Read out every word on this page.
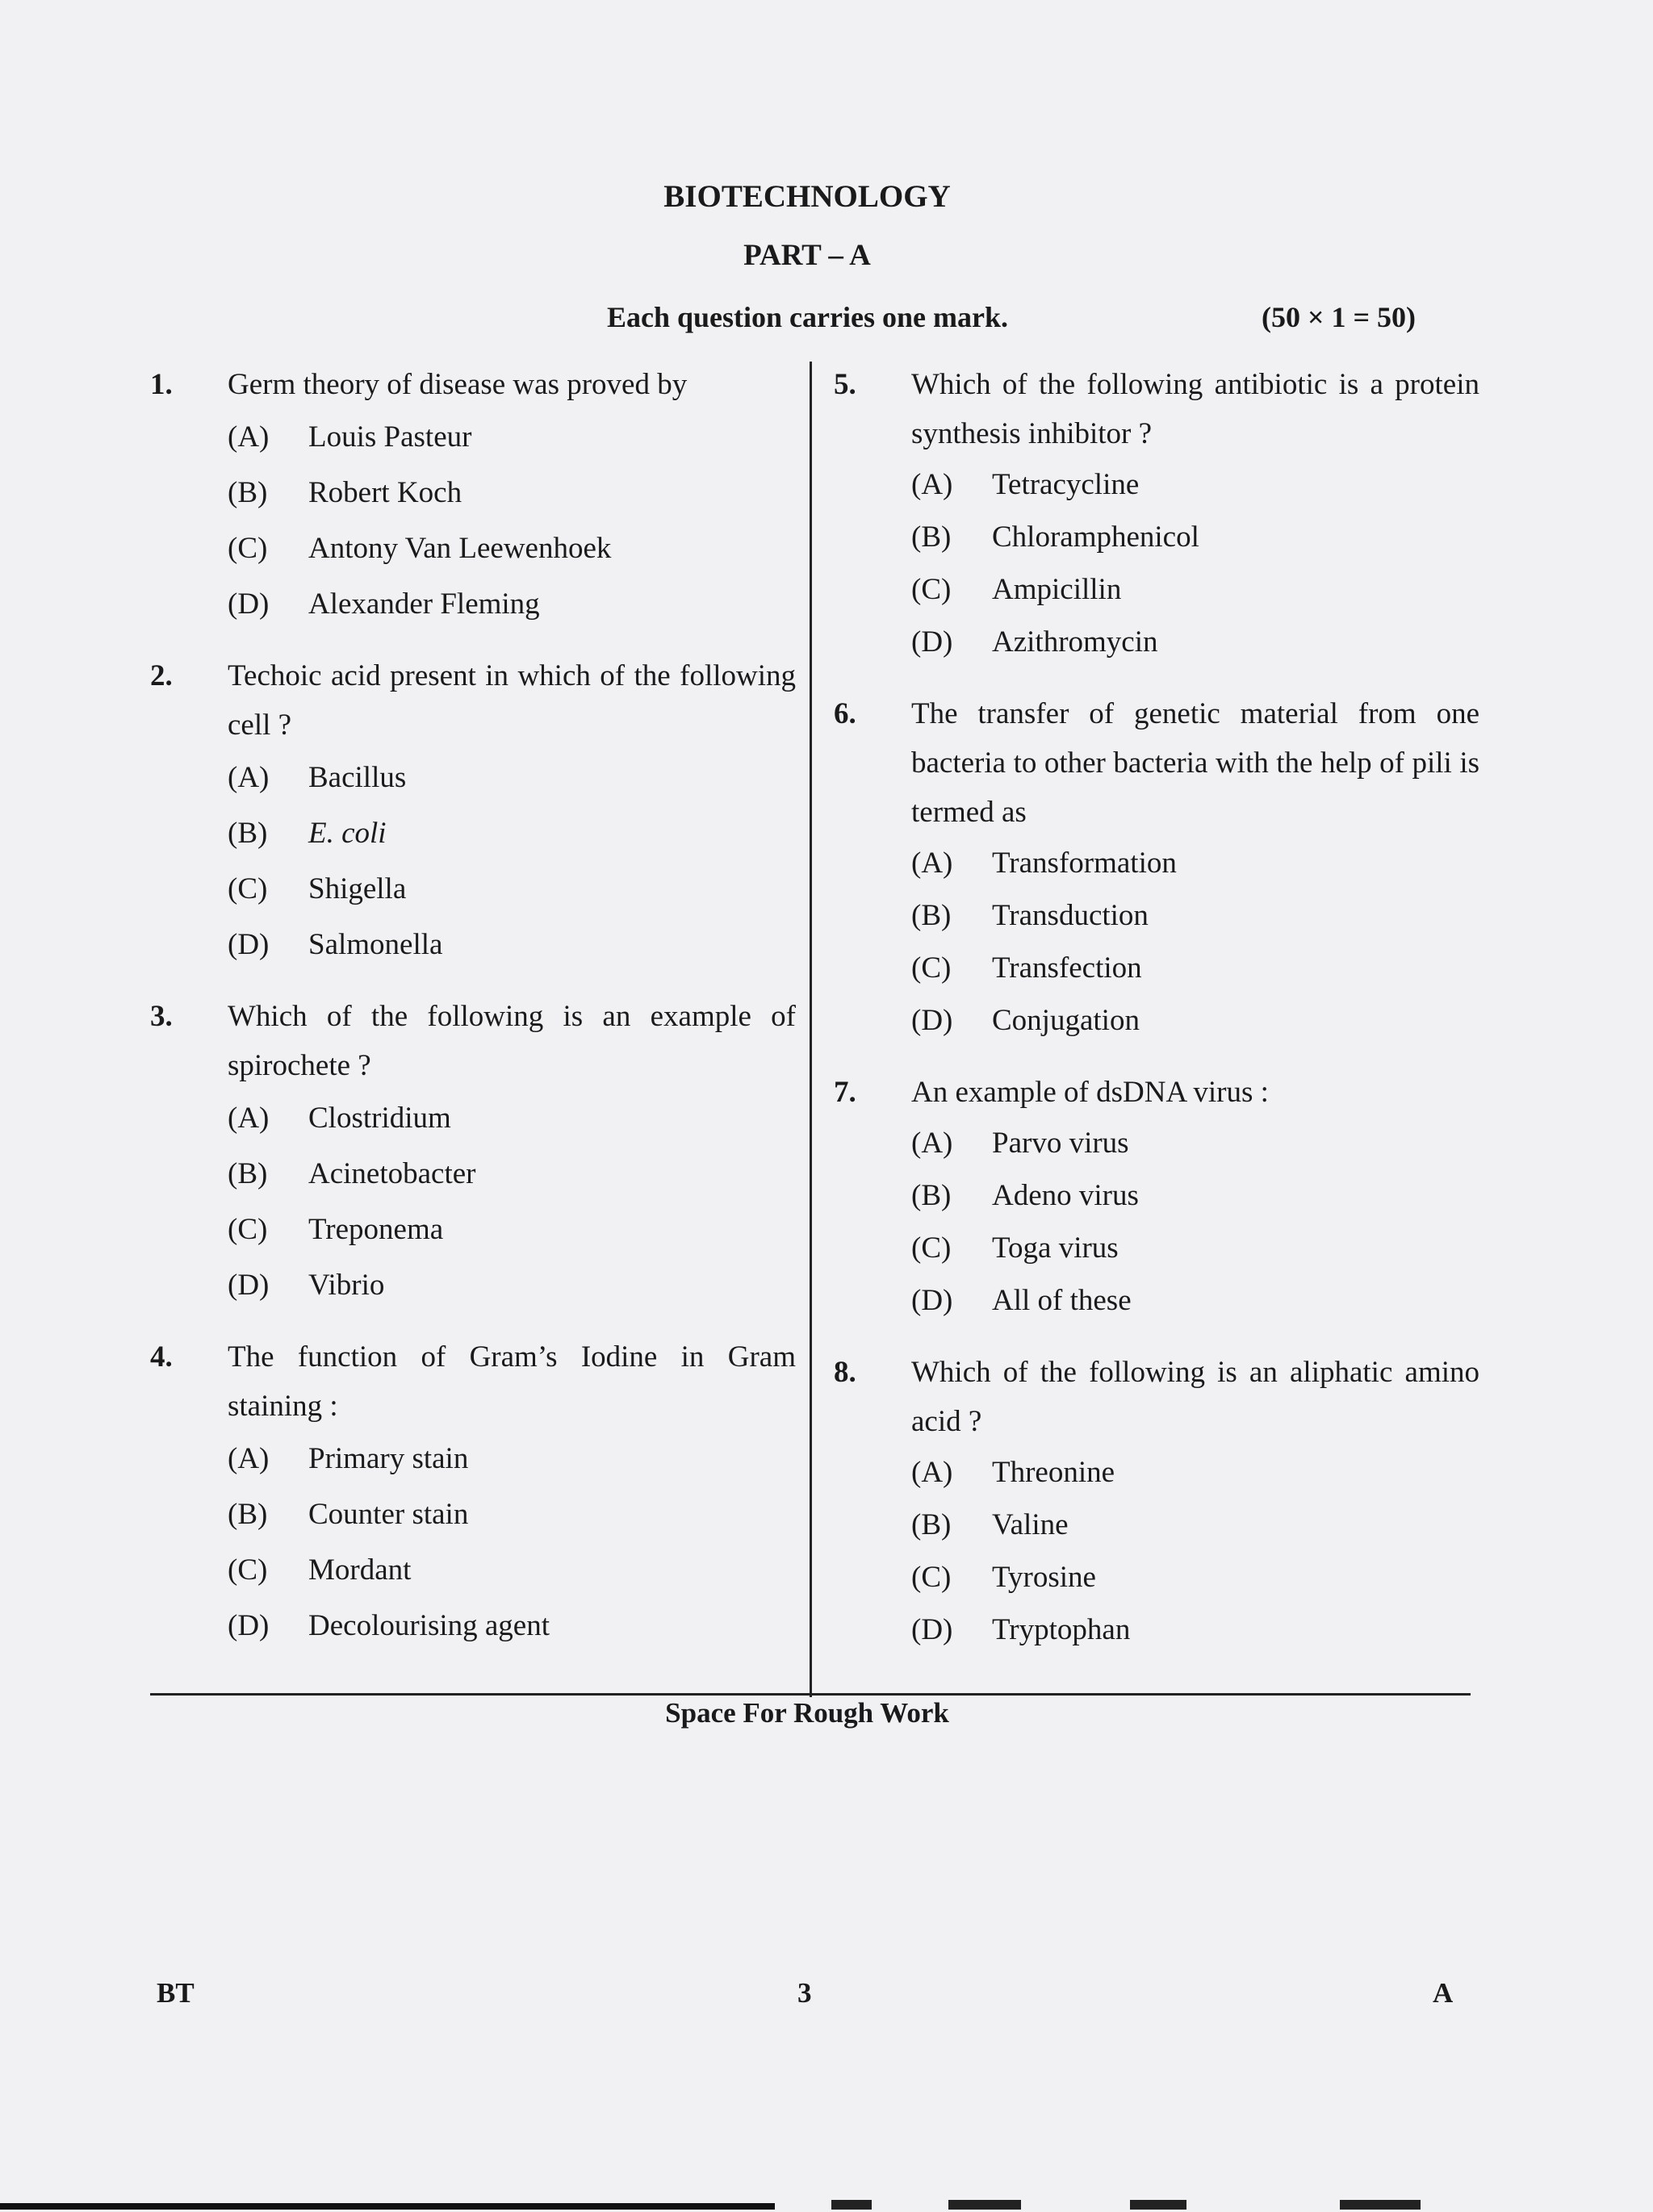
BIOTECHNOLOGY
PART – A
Each question carries one mark.	(50 × 1 = 50)
1. Germ theory of disease was proved by
(A)	Louis Pasteur
(B)	Robert Koch
(C)	Antony Van Leewenhoek
(D)	Alexander Fleming
2. Techoic acid present in which of the following cell ?
(A)	Bacillus
(B)	E. coli
(C)	Shigella
(D)	Salmonella
3. Which of the following is an example of spirochete ?
(A)	Clostridium
(B)	Acinetobacter
(C)	Treponema
(D)	Vibrio
4. The function of Gram’s Iodine in Gram staining :
(A)	Primary stain
(B)	Counter stain
(C)	Mordant
(D)	Decolourising agent
5. Which of the following antibiotic is a protein synthesis inhibitor ?
(A)	Tetracycline
(B)	Chloramphenicol
(C)	Ampicillin
(D)	Azithromycin
6. The transfer of genetic material from one bacteria to other bacteria with the help of pili is termed as
(A)	Transformation
(B)	Transduction
(C)	Transfection
(D)	Conjugation
7. An example of dsDNA virus :
(A)	Parvo virus
(B)	Adeno virus
(C)	Toga virus
(D)	All of these
8. Which of the following is an aliphatic amino acid ?
(A)	Threonine
(B)	Valine
(C)	Tyrosine
(D)	Tryptophan
Space For Rough Work
BT	3	A
